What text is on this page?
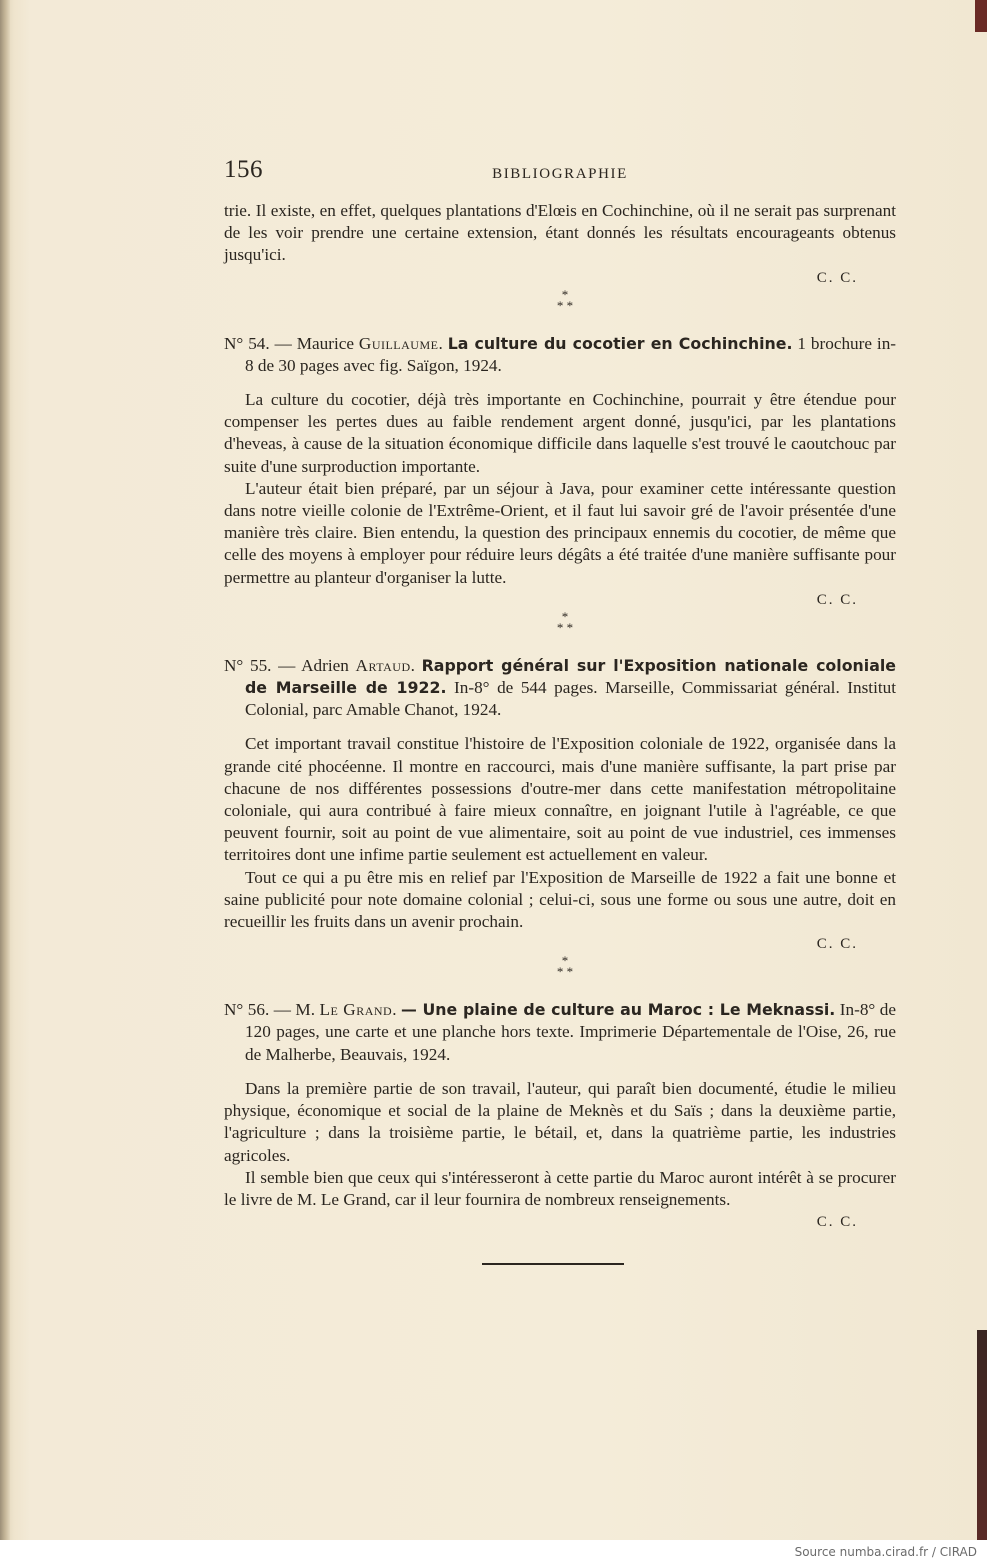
156	BIBLIOGRAPHIE

trie. Il existe, en effet, quelques plantations d'Elœis en Cochinchine, où il ne serait pas surprenant de les voir prendre une certaine extension, étant donnés les résultats encourageants obtenus jusqu'ici.

C. C.
*
* *
N° 54. — Maurice Guillaume. La culture du cocotier en Cochinchine. 1 brochure in-8 de 30 pages avec fig. Saïgon, 1924.

La culture du cocotier, déjà très importante en Cochinchine, pourrait y être étendue pour compenser les pertes dues au faible rendement argent donné, jusqu'ici, par les plantations d'heveas, à cause de la situation économique difficile dans laquelle s'est trouvé le caoutchouc par suite d'une surproduction importante.

L'auteur était bien préparé, par un séjour à Java, pour examiner cette intéressante question dans notre vieille colonie de l'Extrême-Orient, et il faut lui savoir gré de l'avoir présentée d'une manière très claire. Bien entendu, la question des principaux ennemis du cocotier, de même que celle des moyens à employer pour réduire leurs dégâts a été traitée d'une manière suffisante pour permettre au planteur d'organiser la lutte.

C. C.
*
* *
N° 55. — Adrien Artaud. Rapport général sur l'Exposition nationale coloniale de Marseille de 1922. In-8° de 544 pages. Marseille, Commissariat général. Institut Colonial, parc Amable Chanot, 1924.

Cet important travail constitue l'histoire de l'Exposition coloniale de 1922, organisée dans la grande cité phocéenne. Il montre en raccourci, mais d'une manière suffisante, la part prise par chacune de nos différentes possessions d'outre-mer dans cette manifestation métropolitaine coloniale, qui aura contribué à faire mieux connaître, en joignant l'utile à l'agréable, ce que peuvent fournir, soit au point de vue alimentaire, soit au point de vue industriel, ces immenses territoires dont une infime partie seulement est actuellement en valeur.

Tout ce qui a pu être mis en relief par l'Exposition de Marseille de 1922 a fait une bonne et saine publicité pour note domaine colonial ; celui-ci, sous une forme ou sous une autre, doit en recueillir les fruits dans un avenir prochain.

C. C.
*
* *
N° 56. — M. Le Grand. — Une plaine de culture au Maroc : Le Meknassi. In-8° de 120 pages, une carte et une planche hors texte. Imprimerie Départementale de l'Oise, 26, rue de Malherbe, Beauvais, 1924.

Dans la première partie de son travail, l'auteur, qui paraît bien documenté, étudie le milieu physique, économique et social de la plaine de Meknès et du Saïs ; dans la deuxième partie, l'agriculture ; dans la troisième partie, le bétail, et, dans la quatrième partie, les industries agricoles.

Il semble bien que ceux qui s'intéresseront à cette partie du Maroc auront intérêt à se procurer le livre de M. Le Grand, car il leur fournira de nombreux renseignements.

C. C.
Source numba.cirad.fr / CIRAD
